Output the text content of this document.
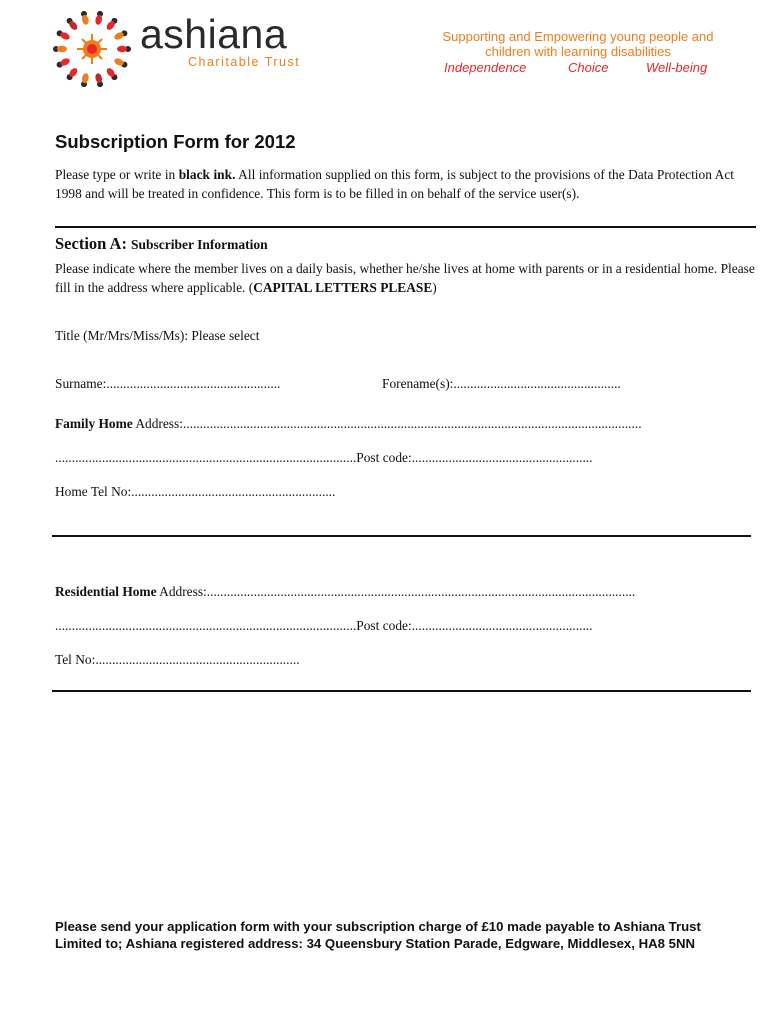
ashiana
Charitable Trust
Supporting and Empowering young people and
children with learning disabilities
Independence	Choice	Well-being
Subscription Form for 2012
Please type or write in black ink. All information supplied on this form, is subject to the provisions of the Data Protection Act 1998 and will be treated in confidence. This form is to be filled in on behalf of the service user(s).
Section A: Subscriber Information
Please indicate where the member lives on a daily basis, whether he/she lives at home with parents or in a residential home. Please fill in the address where applicable. (CAPITAL LETTERS PLEASE)
Title (Mr/Mrs/Miss/Ms): Please select
Surname:....................................................	Forename(s):..................................................
Family Home Address:.........................................................................................................................................
..........................................................................................Post code:......................................................
Home Tel No:.............................................................
Residential Home Address:................................................................................................................................
..........................................................................................Post code:......................................................
Tel No:.............................................................
Please send your application form with your subscription charge of £10 made payable to Ashiana Trust Limited to; Ashiana registered address: 34 Queensbury Station Parade, Edgware, Middlesex, HA8 5NN
